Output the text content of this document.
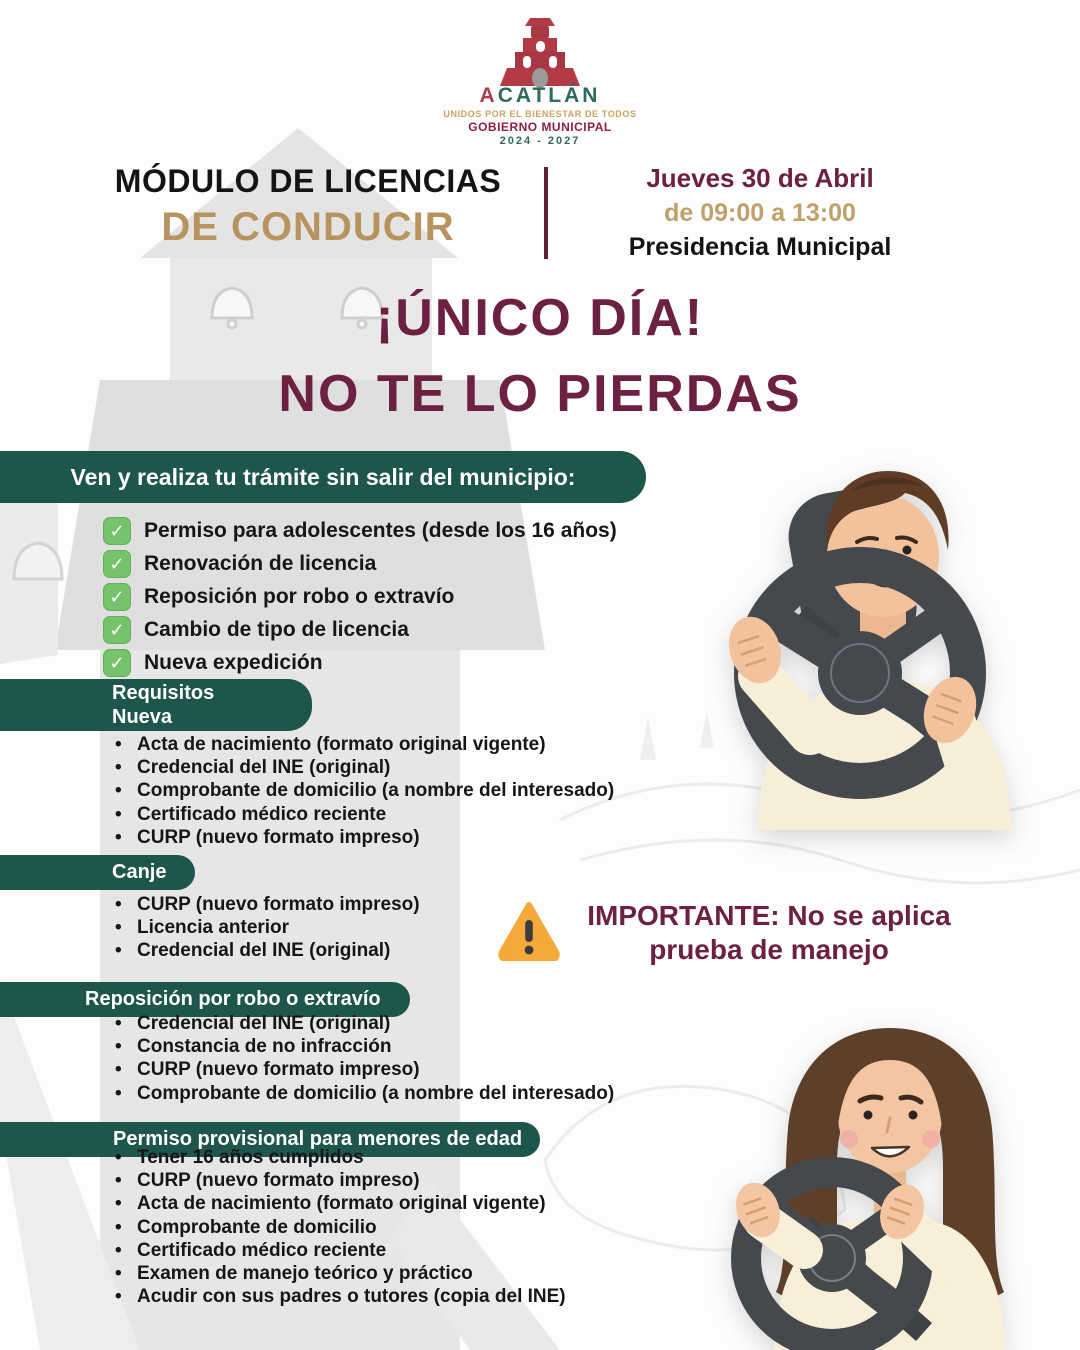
ACATLÁN
UNIDOS POR EL BIENESTAR DE TODOS
GOBIERNO MUNICIPAL
2024 - 2027
MÓDULO DE LICENCIAS
DE CONDUCIR
Jueves 30 de Abril
de 09:00 a 13:00
Presidencia Municipal
¡ÚNICO DÍA!
NO TE LO PIERDAS
Ven y realiza tu trámite sin salir del municipio:
✓ Permiso para adolescentes (desde los 16 años)
✓ Renovación de licencia
✓ Reposición por robo o extravío
✓ Cambio de tipo de licencia
✓ Nueva expedición
Requisitos
Nueva
• Acta de nacimiento (formato original vigente)
• Credencial del INE (original)
• Comprobante de domicilio (a nombre del interesado)
• Certificado médico reciente
• CURP (nuevo formato impreso)
Canje
• CURP (nuevo formato impreso)
• Licencia anterior
• Credencial del INE (original)
IMPORTANTE: No se aplica
prueba de manejo
Reposición por robo o extravío
• Credencial del INE (original)
• Constancia de no infracción
• CURP (nuevo formato impreso)
• Comprobante de domicilio (a nombre del interesado)
Permiso provisional para menores de edad
• Tener 16 años cumplidos
• CURP (nuevo formato impreso)
• Acta de nacimiento (formato original vigente)
• Comprobante de domicilio
• Certificado médico reciente
• Examen de manejo teórico y práctico
• Acudir con sus padres o tutores (copia del INE)
